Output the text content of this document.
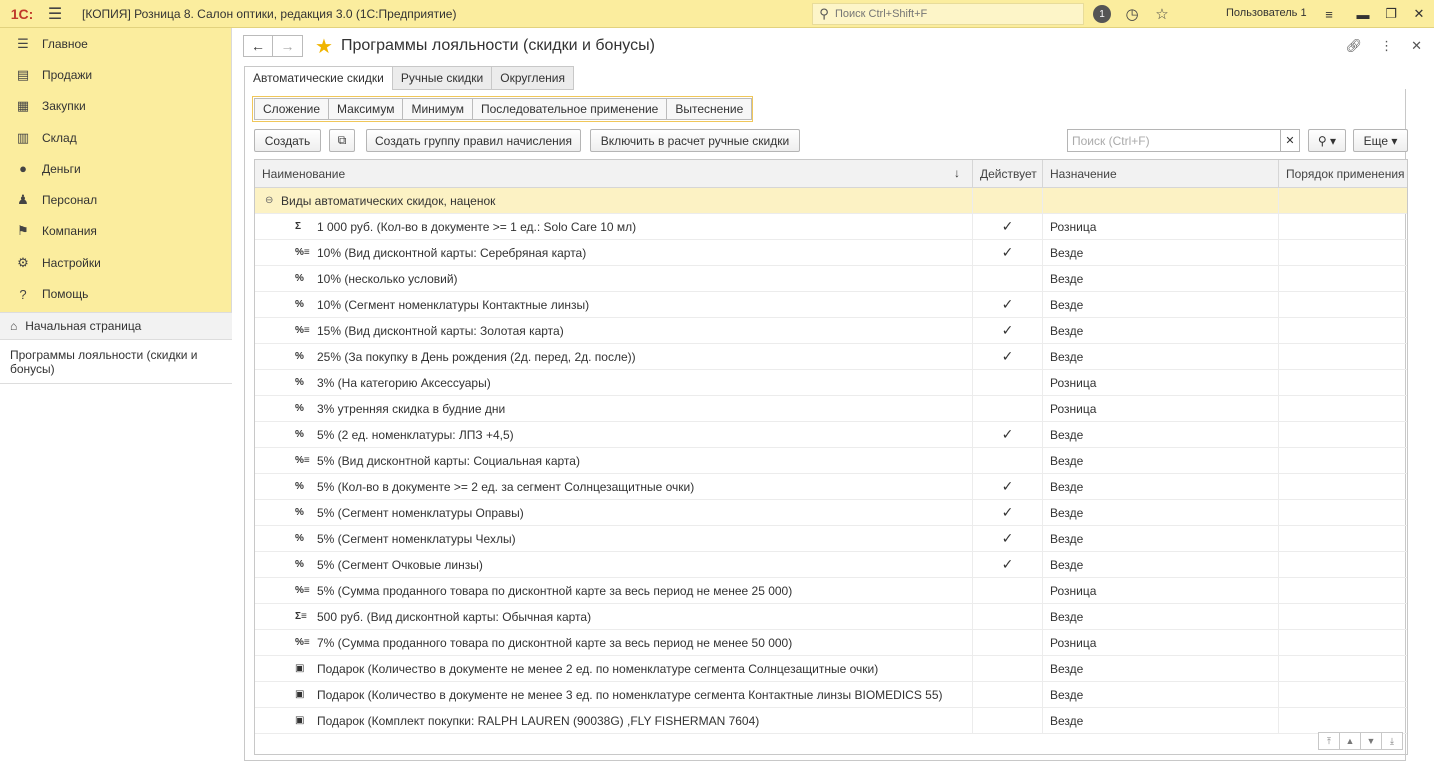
1С: ☰	[КОПИЯ] Розница 8. Салон оптики, редакция 3.0 (1С:Предприятие)	⚲
Поиск Ctrl+Shift+F	1	◷	☆	Пользователь 1	≡	▬	❐	✕
☰ Главное
▤ Продажи
▦ Закупки
▥ Склад
●	Деньги
♟ Персонал
⚑ Компания
⚙ Настройки
?	Помощь
⌂ Начальная страница
Программы лояльности (скидки и бонусы)
←	→	★ Программы лояльности (скидки и бонусы)	🔗︎ ⋮ ✕
Автоматические скидки	Ручные скидки	Округления
Сложение	Максимум	Минимум	Последовательное применение	Вытеснение
Создать	⧉	Создать группу правил начисления	Включить в расчет ручные скидки	Поиск (Ctrl+F)	✕	⚲ ▾ Еще ▾
Наименование	↓	Действует	Назначение	Порядок применения
⊖ Виды автоматических скидок, наценок
Σ	1 000 руб. (Кол-во в документе >= 1 ед.: Solo Care 10 мл)	✓	Розница
%≡ 10% (Вид дисконтной карты: Серебряная карта)	✓	Везде
%	10% (несколько условий)	Везде
%	10% (Сегмент номенклатуры Контактные линзы)	✓	Везде
%≡ 15% (Вид дисконтной карты: Золотая карта)	✓	Везде
%	25% (За покупку в День рождения (2д. перед, 2д. после))	✓	Везде
%	3% (На категорию Аксессуары)	Розница
%	3% утренняя скидка в будние дни	Розница
%	5% (2 ед. номенклатуры: ЛПЗ +4,5)	✓	Везде
%≡ 5% (Вид дисконтной карты: Социальная карта)	Везде
%	5% (Кол-во в документе >= 2 ед. за сегмент Солнцезащитные очки)	✓	Везде
%	5% (Сегмент номенклатуры Оправы)	✓	Везде
%	5% (Сегмент номенклатуры Чехлы)	✓	Везде
%	5% (Сегмент Очковые линзы)	✓	Везде
%≡ 5% (Сумма проданного товара по дисконтной карте за весь период не менее 25 000)	Розница
Σ≡ 500 руб. (Вид дисконтной карты: Обычная карта)	Везде
%≡ 7% (Сумма проданного товара по дисконтной карте за весь период не менее 50 000)	Розница
▣	Подарок (Количество в документе не менее 2 ед. по номенклатуре сегмента Солнцезащитные очки)	Везде
▣	Подарок (Количество в документе не менее 3 ед. по номенклатуре сегмента Контактные линзы BIOMEDICS 55)	Везде
▣	Подарок (Комплект покупки: RALPH LAUREN (90038G) ,FLY FISHERMAN 7604)	Везде
⤒	▲	▼	⤓
